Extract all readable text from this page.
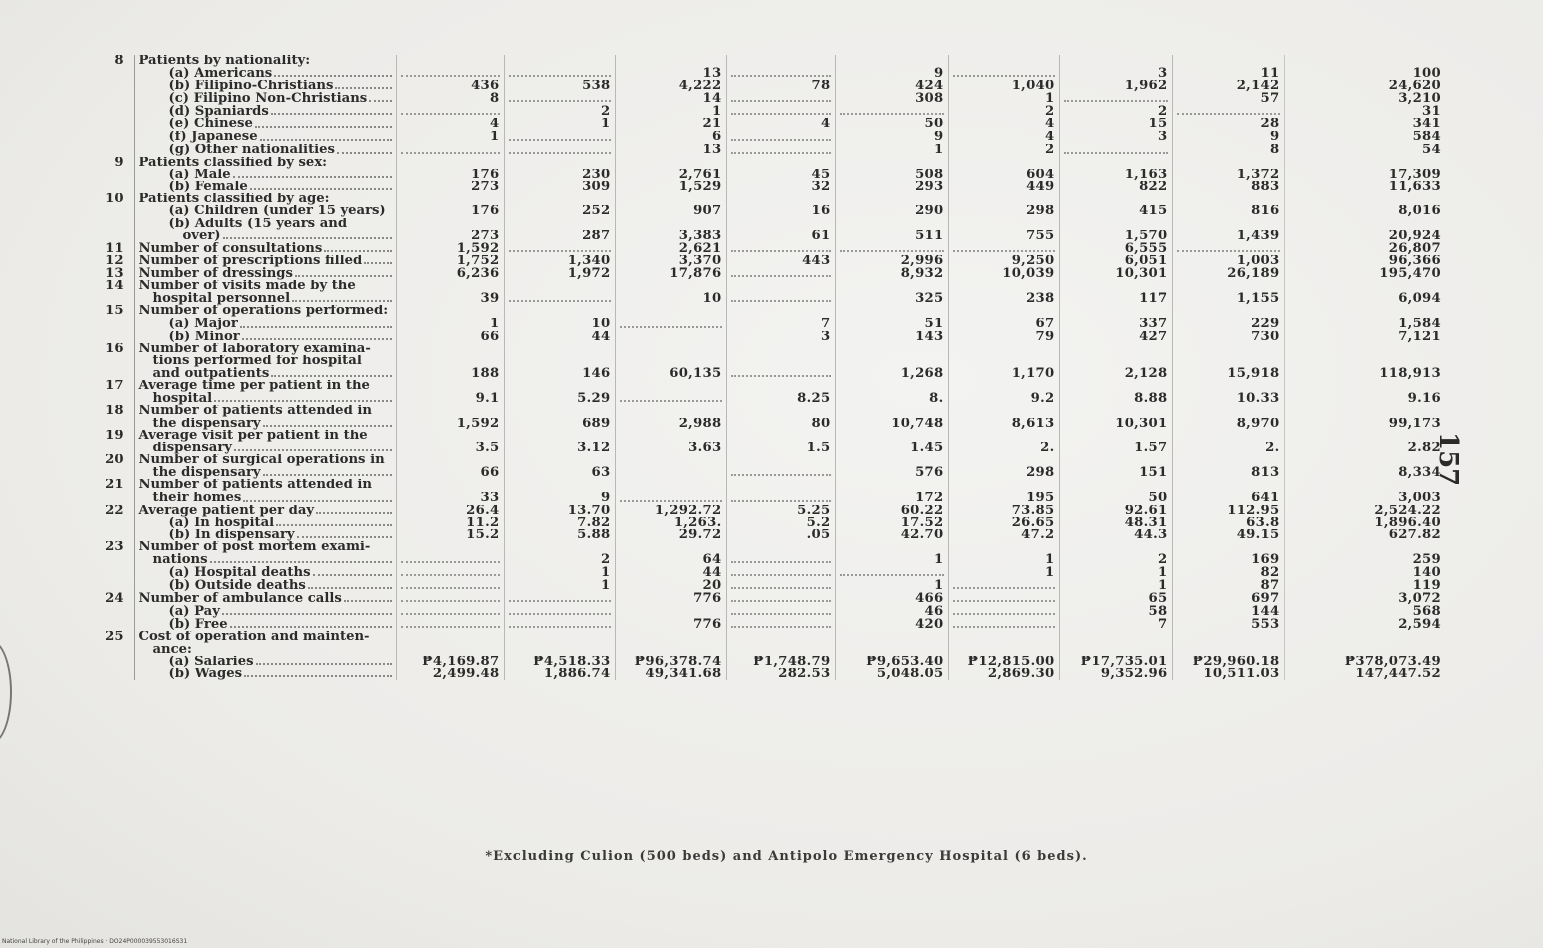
8	Patients by nationality:									

	(a) Americans			13		9		3	11	100

	(b) Filipino-Christians	436	538	4,222	78	424	1,040	1,962	2,142	24,620

	(c) Filipino Non-Christians	8		14		308	1		57	3,210

	(d) Spaniards		2	1			2	2		31

	(e) Chinese	4	1	21	4	50	4	15	28	341

	(f) Japanese	1		6		9	4	3	9	584

	(g) Other nationalities			13		1	2		8	54
9	Patients classified by sex:									

	(a) Male	176	230	2,761	45	508	604	1,163	1,372	17,309

	(b) Female	273	309	1,529	32	293	449	822	883	11,633
10	Patients classified by age:									

	(a) Children (under 15 years)	176	252	907	16	290	298	415	816	8,016

	(b) Adults (15 years and									

	over)	273	287	3,383	61	511	755	1,570	1,439	20,924
11	Number of consultations	1,592		2,621				6,555		26,807
12	Number of prescriptions filled	1,752	1,340	3,370	443	2,996	9,250	6,051	1,003	96,366
13	Number of dressings	6,236	1,972	17,876		8,932	10,039	10,301	26,189	195,470
14	Number of visits made by the									

	hospital personnel	39		10		325	238	117	1,155	6,094
15	Number of operations performed:									

	(a) Major	1	10		7	51	67	337	229	1,584

	(b) Minor	66	44		3	143	79	427	730	7,121
16	Number of laboratory examina-									

	tions performed for hospital									

	and outpatients	188	146	60,135		1,268	1,170	2,128	15,918	118,913
17	Average time per patient in the									

	hospital	9.1	5.29		8.25	8.	9.2	8.88	10.33	9.16
18	Number of patients attended in									

	the dispensary	1,592	689	2,988	80	10,748	8,613	10,301	8,970	99,173
19	Average visit per patient in the									

	dispensary	3.5	3.12	3.63	1.5	1.45	2.	1.57	2.	2.82
20	Number of surgical operations in									

	the dispensary	66	63			576	298	151	813	8,334
21	Number of patients attended in									

	their homes	33	9			172	195	50	641	3,003
22	Average patient per day	26.4	13.70	1,292.72	5.25	60.22	73.85	92.61	112.95	2,524.22

	(a) In hospital	11.2	7.82	1,263.	5.2	17.52	26.65	48.31	63.8	1,896.40

	(b) In dispensary	15.2	5.88	29.72	.05	42.70	47.2	44.3	49.15	627.82
23	Number of post mortem exami-									

	nations		2	64		1	1	2	169	259

	(a) Hospital deaths		1	44			1	1	82	140

	(b) Outside deaths		1	20		1		1	87	119
24	Number of ambulance calls			776		466		65	697	3,072

	(a) Pay					46		58	144	568

	(b) Free			776		420		7	553	2,594
25	Cost of operation and mainten-									

	ance:									

	(a) Salaries	₱4,169.87	₱4,518.33	₱96,378.74	₱1,748.79	₱9,653.40	₱12,815.00	₱17,735.01	₱29,960.18	₱378,073.49

	(b) Wages	2,499.48	1,886.74	49,341.68	282.53	5,048.05	2,869.30	9,352.96	10,511.03	147,447.52
157
*Excluding Culion (500 beds) and Antipolo Emergency Hospital (6 beds).
National Library of the Philippines · DO24P000039553016S31
